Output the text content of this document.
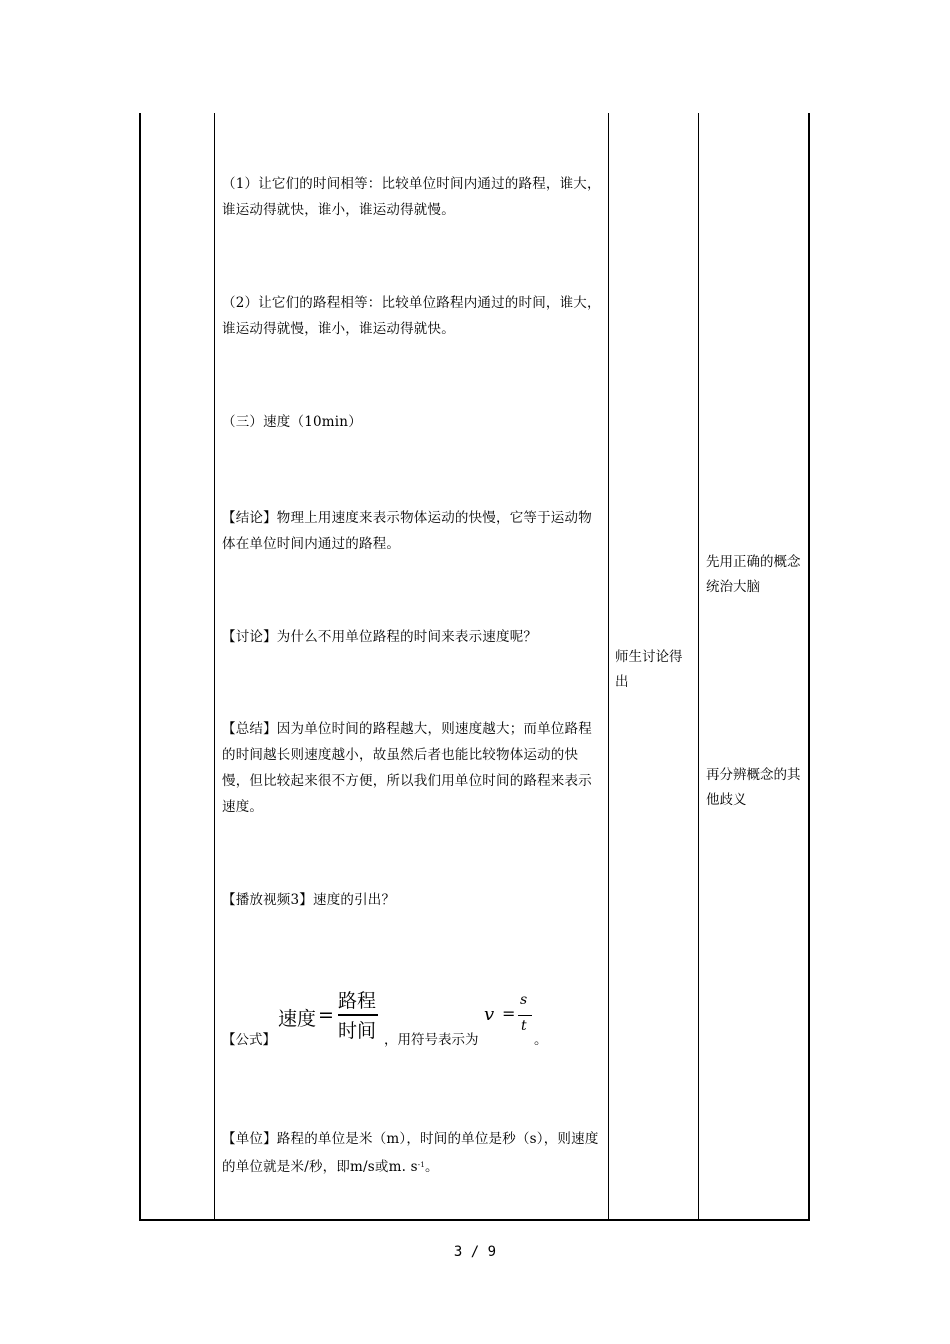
（1）让它们的时间相等：比较单位时间内通过的路程，谁大，谁运动得就快，谁小，谁运动得就慢。
（2）让它们的路程相等：比较单位路程内通过的时间，谁大，谁运动得就慢，谁小，谁运动得就快。
（三）速度（10min）
【结论】物理上用速度来表示物体运动的快慢，它等于运动物体在单位时间内通过的路程。
【讨论】为什么不用单位路程的时间来表示速度呢？
【总结】因为单位时间的路程越大，则速度越大；而单位路程的时间越长则速度越小，故虽然后者也能比较物体运动的快慢，但比较起来很不方便，所以我们用单位时间的路程来表示速度。
【播放视频3】速度的引出？
【公式】
速度 =
路程
时间 ，用符号表示为
v =
s
t
。
【单位】路程的单位是米（m），时间的单位是秒（s），则速度的单位就是米/秒，即m/s或m. $s^{-1}$。
师生讨论得出
先用正确的概念统治大脑
再分辨概念的其他歧义
3 / 9
